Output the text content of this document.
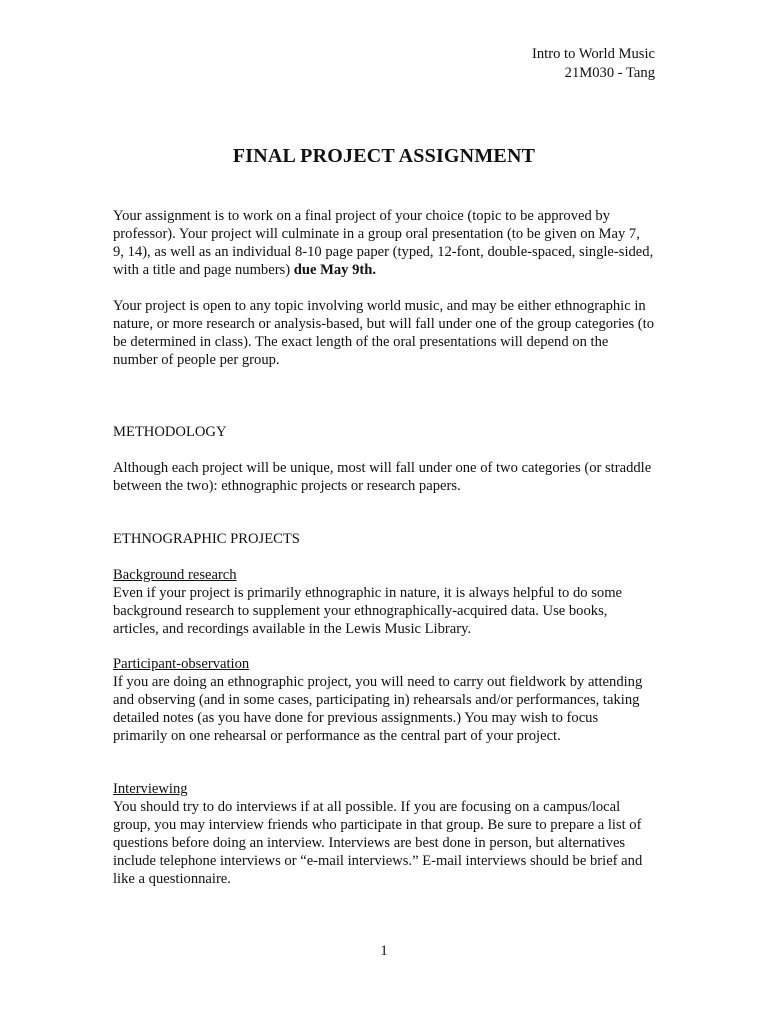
Intro to World Music
21M030 - Tang
FINAL PROJECT ASSIGNMENT

Your assignment is to work on a final project of your choice (topic to be approved by professor). Your project will culminate in a group oral presentation (to be given on May 7, 9, 14), as well as an individual 8-10 page paper (typed, 12-font, double-spaced, single-sided, with a title and page numbers) due May 9th.

Your project is open to any topic involving world music, and may be either ethnographic in nature, or more research or analysis-based, but will fall under one of the group categories (to be determined in class). The exact length of the oral presentations will depend on the number of people per group.

METHODOLOGY

Although each project will be unique, most will fall under one of two categories (or straddle between the two): ethnographic projects or research papers.

ETHNOGRAPHIC PROJECTS
Background research
Even if your project is primarily ethnographic in nature, it is always helpful to do some background research to supplement your ethnographically-acquired data. Use books, articles, and recordings available in the Lewis Music Library.
Participant-observation
If you are doing an ethnographic project, you will need to carry out fieldwork by attending and observing (and in some cases, participating in) rehearsals and/or performances, taking detailed notes (as you have done for previous assignments.) You may wish to focus primarily on one rehearsal or performance as the central part of your project.
Interviewing
You should try to do interviews if at all possible. If you are focusing on a campus/local group, you may interview friends who participate in that group. Be sure to prepare a list of questions before doing an interview. Interviews are best done in person, but alternatives include telephone interviews or “e-mail interviews.” E-mail interviews should be brief and like a questionnaire.
1
